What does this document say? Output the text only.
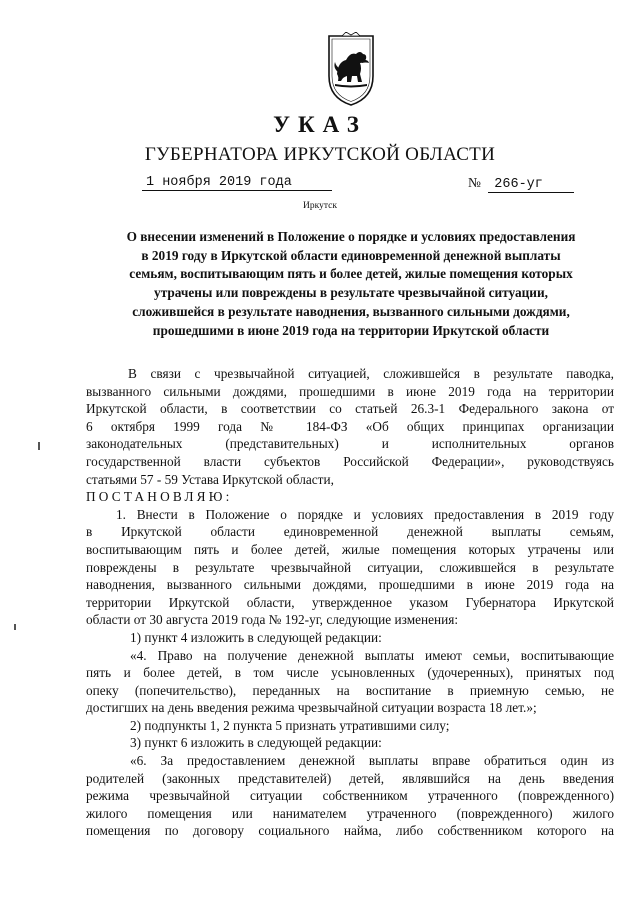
УКАЗ
ГУБЕРНАТОРА ИРКУТСКОЙ ОБЛАСТИ
1 ноября 2019 года	№ 266-уг
Иркутск
О внесении изменений в Положение о порядке и условиях предоставления
в 2019 году в Иркутской области единовременной денежной выплаты
семьям, воспитывающим пять и более детей, жилые помещения которых
утрачены или повреждены в результате чрезвычайной ситуации,
сложившейся в результате наводнения, вызванного сильными дождями,
прошедшими в июне 2019 года на территории Иркутской области

В связи с чрезвычайной ситуацией, сложившейся в результате паводка,
вызванного сильными дождями, прошедшими в июне 2019 года на территории
Иркутской области, в соответствии со статьей 26.3-1 Федерального закона от
6 октября 1999 года № 184-ФЗ «Об общих принципах организации
законодательных (представительных) и исполнительных органов
государственной власти субъектов Российской Федерации», руководствуясь
статьями 57 - 59 Устава Иркутской области,

ПОСТАНОВЛЯЮ:

1. Внести в Положение о порядке и условиях предоставления в 2019 году
в Иркутской области единовременной денежной выплаты семьям,
воспитывающим пять и более детей, жилые помещения которых утрачены или
повреждены в результате чрезвычайной ситуации, сложившейся в результате
наводнения, вызванного сильными дождями, прошедшими в июне 2019 года на
территории Иркутской области, утвержденное указом Губернатора Иркутской
области от 30 августа 2019 года № 192-уг, следующие изменения:

1) пункт 4 изложить в следующей редакции:

«4. Право на получение денежной выплаты имеют семьи, воспитывающие
пять и более детей, в том числе усыновленных (удочеренных), принятых под
опеку (попечительство), переданных на воспитание в приемную семью, не
достигших на день введения режима чрезвычайной ситуации возраста 18 лет.»;

2) подпункты 1, 2 пункта 5 признать утратившими силу;

3) пункт 6 изложить в следующей редакции:

«6. За предоставлением денежной выплаты вправе обратиться один из
родителей (законных представителей) детей, являвшийся на день введения
режима чрезвычайной ситуации собственником утраченного (поврежденного)
жилого помещения или нанимателем утраченного (поврежденного) жилого
помещения по договору социального найма, либо собственником которого на
